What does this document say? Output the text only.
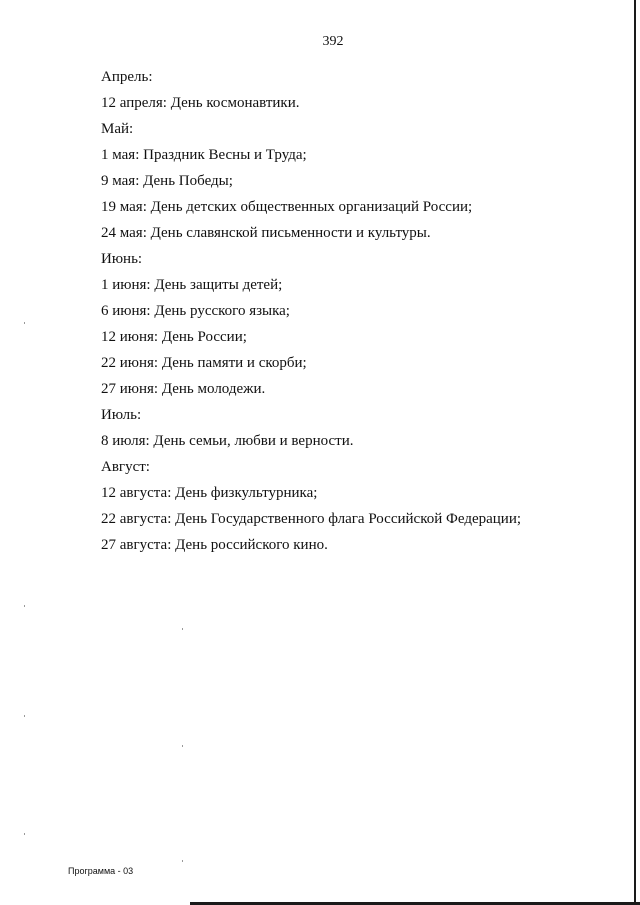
392
Апрель:
12 апреля: День космонавтики.
Май:
1 мая: Праздник Весны и Труда;
9 мая: День Победы;
19 мая: День детских общественных организаций России;
24 мая: День славянской письменности и культуры.
Июнь:
1 июня: День защиты детей;
6 июня: День русского языка;
12 июня: День России;
22 июня: День памяти и скорби;
27 июня: День молодежи.
Июль:
8 июля: День семьи, любви и верности.
Август:
12 августа: День физкультурника;
22 августа: День Государственного флага Российской Федерации;
27 августа: День российского кино.
Программа - 03
